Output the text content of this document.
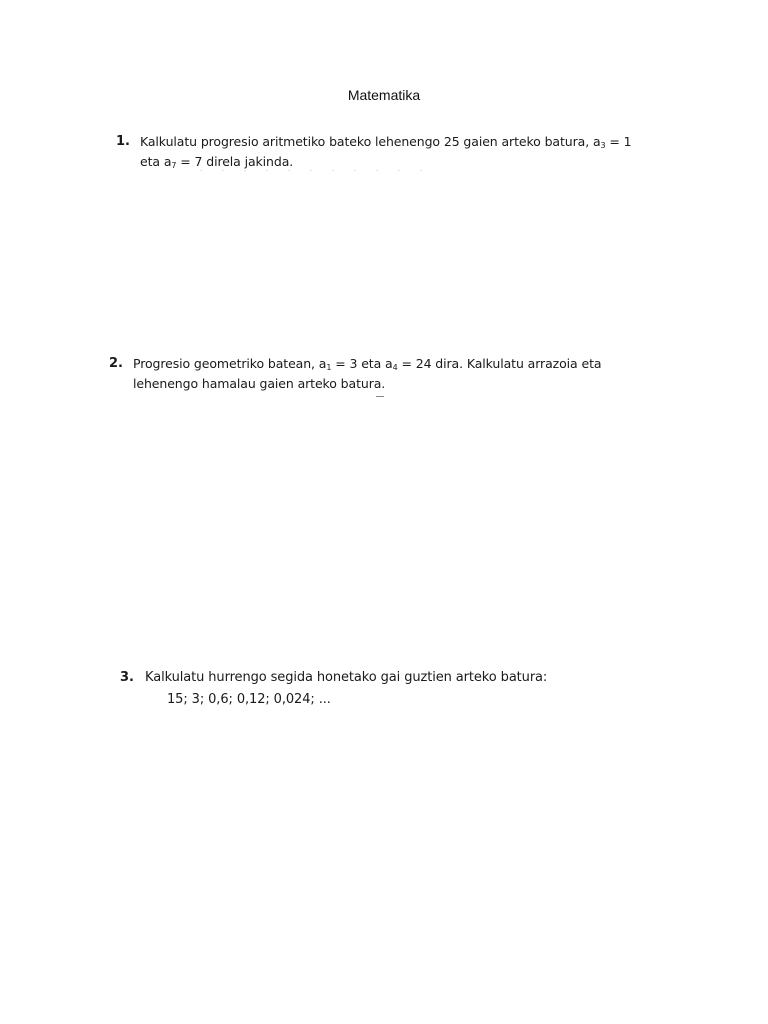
Matematika
1. Kalkulatu progresio aritmetiko bateko lehenengo 25 gaien arteko batura, $a_3 = 1$
eta $a_7 = 7$ direla jakinda.
2. Progresio geometriko batean, $a_1 = 3$ eta $a_4 = 24$ dira. Kalkulatu arrazoia eta
lehenengo hamalau gaien arteko batura.
3. Kalkulatu hurrengo segida honetako gai guztien arteko batura:
15; 3; 0,6; 0,12; 0,024; ...
